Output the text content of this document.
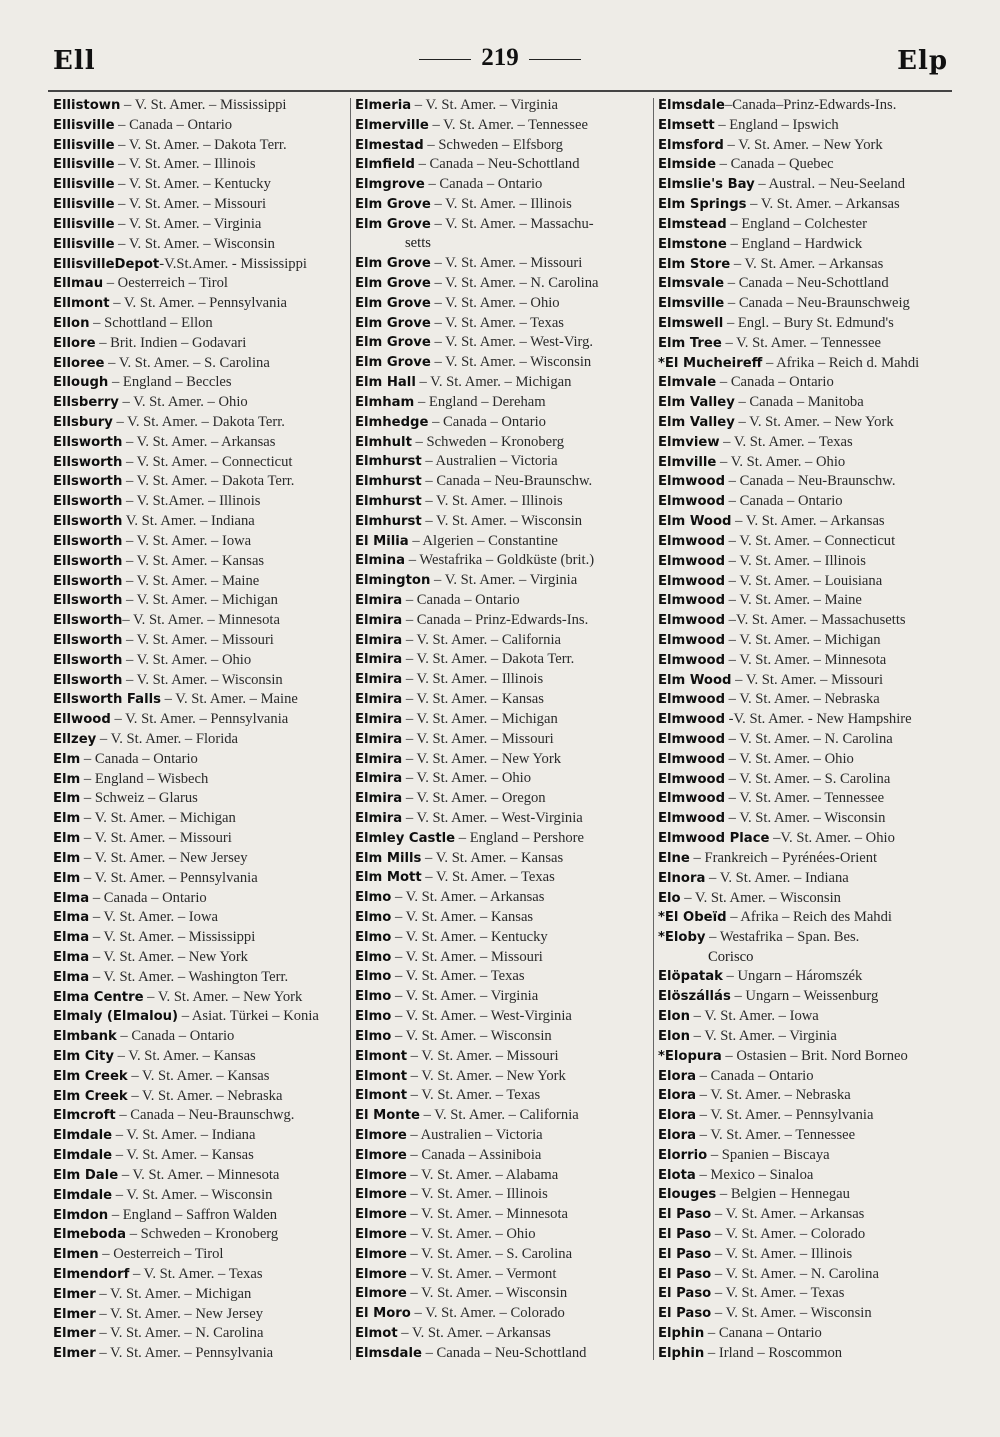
Ell	219	Elp
Ellistown – V. St. Amer. – Mississippi
Ellisville – Canada – Ontario
Ellisville – V. St. Amer. – Dakota Terr.
Ellisville – V. St. Amer. – Illinois
Ellisville – V. St. Amer. – Kentucky
Ellisville – V. St. Amer. – Missouri
Ellisville – V. St. Amer. – Virginia
Ellisville – V. St. Amer. – Wisconsin
EllisvilleDepot-V.St.Amer. - Mississippi
Ellmau – Oesterreich – Tirol
Ellmont – V. St. Amer. – Pennsylvania
Ellon – Schottland – Ellon
Ellore – Brit. Indien – Godavari
Elloree – V. St. Amer. – S. Carolina
Ellough – England – Beccles
Ellsberry – V. St. Amer. – Ohio
Ellsbury – V. St. Amer. – Dakota Terr.
Ellsworth – V. St. Amer. – Arkansas
Ellsworth – V. St. Amer. – Connecticut
Ellsworth – V. St. Amer. – Dakota Terr.
Ellsworth – V. St.Amer. – Illinois
Ellsworth V. St. Amer. – Indiana
Ellsworth – V. St. Amer. – Iowa
Ellsworth – V. St. Amer. – Kansas
Ellsworth – V. St. Amer. – Maine
Ellsworth – V. St. Amer. – Michigan
Ellsworth– V. St. Amer. – Minnesota
Ellsworth – V. St. Amer. – Missouri
Ellsworth – V. St. Amer. – Ohio
Ellsworth – V. St. Amer. – Wisconsin
Ellsworth Falls – V. St. Amer. – Maine
Ellwood – V. St. Amer. – Pennsylvania
Ellzey – V. St. Amer. – Florida
Elm – Canada – Ontario
Elm – England – Wisbech
Elm – Schweiz – Glarus
Elm – V. St. Amer. – Michigan
Elm – V. St. Amer. – Missouri
Elm – V. St. Amer. – New Jersey
Elm – V. St. Amer. – Pennsylvania
Elma – Canada – Ontario
Elma – V. St. Amer. – Iowa
Elma – V. St. Amer. – Mississippi
Elma – V. St. Amer. – New York
Elma – V. St. Amer. – Washington Terr.
Elma Centre – V. St. Amer. – New York
Elmaly (Elmalou) – Asiat. Türkei – Konia
Elmbank – Canada – Ontario
Elm City – V. St. Amer. – Kansas
Elm Creek – V. St. Amer. – Kansas
Elm Creek – V. St. Amer. – Nebraska
Elmcroft – Canada – Neu-Braunschwg.
Elmdale – V. St. Amer. – Indiana
Elmdale – V. St. Amer. – Kansas
Elm Dale – V. St. Amer. – Minnesota
Elmdale – V. St. Amer. – Wisconsin
Elmdon – England – Saffron Walden
Elmeboda – Schweden – Kronoberg
Elmen – Oesterreich – Tirol
Elmendorf – V. St. Amer. – Texas
Elmer – V. St. Amer. – Michigan
Elmer – V. St. Amer. – New Jersey
Elmer – V. St. Amer. – N. Carolina
Elmer – V. St. Amer. – Pennsylvania
Elmeria – V. St. Amer. – Virginia
Elmerville – V. St. Amer. – Tennessee
Elmestad – Schweden – Elfsborg
Elmfield – Canada – Neu-Schottland
Elmgrove – Canada – Ontario
Elm Grove – V. St. Amer. – Illinois
Elm Grove – V. St. Amer. – Massachu-
setts
Elm Grove – V. St. Amer. – Missouri
Elm Grove – V. St. Amer. – N. Carolina
Elm Grove – V. St. Amer. – Ohio
Elm Grove – V. St. Amer. – Texas
Elm Grove – V. St. Amer. – West-Virg.
Elm Grove – V. St. Amer. – Wisconsin
Elm Hall – V. St. Amer. – Michigan
Elmham – England – Dereham
Elmhedge – Canada – Ontario
Elmhult – Schweden – Kronoberg
Elmhurst – Australien – Victoria
Elmhurst – Canada – Neu-Braunschw.
Elmhurst – V. St. Amer. – Illinois
Elmhurst – V. St. Amer. – Wisconsin
El Milia – Algerien – Constantine
Elmina – Westafrika – Goldküste (brit.)
Elmington – V. St. Amer. – Virginia
Elmira – Canada – Ontario
Elmira – Canada – Prinz-Edwards-Ins.
Elmira – V. St. Amer. – California
Elmira – V. St. Amer. – Dakota Terr.
Elmira – V. St. Amer. – Illinois
Elmira – V. St. Amer. – Kansas
Elmira – V. St. Amer. – Michigan
Elmira – V. St. Amer. – Missouri
Elmira – V. St. Amer. – New York
Elmira – V. St. Amer. – Ohio
Elmira – V. St. Amer. – Oregon
Elmira – V. St. Amer. – West-Virginia
Elmley Castle – England – Pershore
Elm Mills – V. St. Amer. – Kansas
Elm Mott – V. St. Amer. – Texas
Elmo – V. St. Amer. – Arkansas
Elmo – V. St. Amer. – Kansas
Elmo – V. St. Amer. – Kentucky
Elmo – V. St. Amer. – Missouri
Elmo – V. St. Amer. – Texas
Elmo – V. St. Amer. – Virginia
Elmo – V. St. Amer. – West-Virginia
Elmo – V. St. Amer. – Wisconsin
Elmont – V. St. Amer. – Missouri
Elmont – V. St. Amer. – New York
Elmont – V. St. Amer. – Texas
El Monte – V. St. Amer. – California
Elmore – Australien – Victoria
Elmore – Canada – Assiniboia
Elmore – V. St. Amer. – Alabama
Elmore – V. St. Amer. – Illinois
Elmore – V. St. Amer. – Minnesota
Elmore – V. St. Amer. – Ohio
Elmore – V. St. Amer. – S. Carolina
Elmore – V. St. Amer. – Vermont
Elmore – V. St. Amer. – Wisconsin
El Moro – V. St. Amer. – Colorado
Elmot – V. St. Amer. – Arkansas
Elmsdale – Canada – Neu-Schottland
Elmsdale–Canada–Prinz-Edwards-Ins.
Elmsett – England – Ipswich
Elmsford – V. St. Amer. – New York
Elmside – Canada – Quebec
Elmslie's Bay – Austral. – Neu-Seeland
Elm Springs – V. St. Amer. – Arkansas
Elmstead – England – Colchester
Elmstone – England – Hardwick
Elm Store – V. St. Amer. – Arkansas
Elmsvale – Canada – Neu-Schottland
Elmsville – Canada – Neu-Braunschweig
Elmswell – Engl. – Bury St. Edmund's
Elm Tree – V. St. Amer. – Tennessee
*El Mucheireff – Afrika – Reich d. Mahdi
Elmvale – Canada – Ontario
Elm Valley – Canada – Manitoba
Elm Valley – V. St. Amer. – New York
Elmview – V. St. Amer. – Texas
Elmville – V. St. Amer. – Ohio
Elmwood – Canada – Neu-Braunschw.
Elmwood – Canada – Ontario
Elm Wood – V. St. Amer. – Arkansas
Elmwood – V. St. Amer. – Connecticut
Elmwood – V. St. Amer. – Illinois
Elmwood – V. St. Amer. – Louisiana
Elmwood – V. St. Amer. – Maine
Elmwood –V. St. Amer. – Massachusetts
Elmwood – V. St. Amer. – Michigan
Elmwood – V. St. Amer. – Minnesota
Elm Wood – V. St. Amer. – Missouri
Elmwood – V. St. Amer. – Nebraska
Elmwood -V. St. Amer. - New Hampshire
Elmwood – V. St. Amer. – N. Carolina
Elmwood – V. St. Amer. – Ohio
Elmwood – V. St. Amer. – S. Carolina
Elmwood – V. St. Amer. – Tennessee
Elmwood – V. St. Amer. – Wisconsin
Elmwood Place –V. St. Amer. – Ohio
Elne – Frankreich – Pyrénées-Orient
Elnora – V. St. Amer. – Indiana
Elo – V. St. Amer. – Wisconsin
*El Obeïd – Afrika – Reich des Mahdi
*Eloby – Westafrika – Span. Bes.
Corisco
Elöpatak – Ungarn – Háromszék
Elöszállás – Ungarn – Weissenburg
Elon – V. St. Amer. – Iowa
Elon – V. St. Amer. – Virginia
*Elopura – Ostasien – Brit. Nord Borneo
Elora – Canada – Ontario
Elora – V. St. Amer. – Nebraska
Elora – V. St. Amer. – Pennsylvania
Elora – V. St. Amer. – Tennessee
Elorrio – Spanien – Biscaya
Elota – Mexico – Sinaloa
Elouges – Belgien – Hennegau
El Paso – V. St. Amer. – Arkansas
El Paso – V. St. Amer. – Colorado
El Paso – V. St. Amer. – Illinois
El Paso – V. St. Amer. – N. Carolina
El Paso – V. St. Amer. – Texas
El Paso – V. St. Amer. – Wisconsin
Elphin – Canana – Ontario
Elphin – Irland – Roscommon
